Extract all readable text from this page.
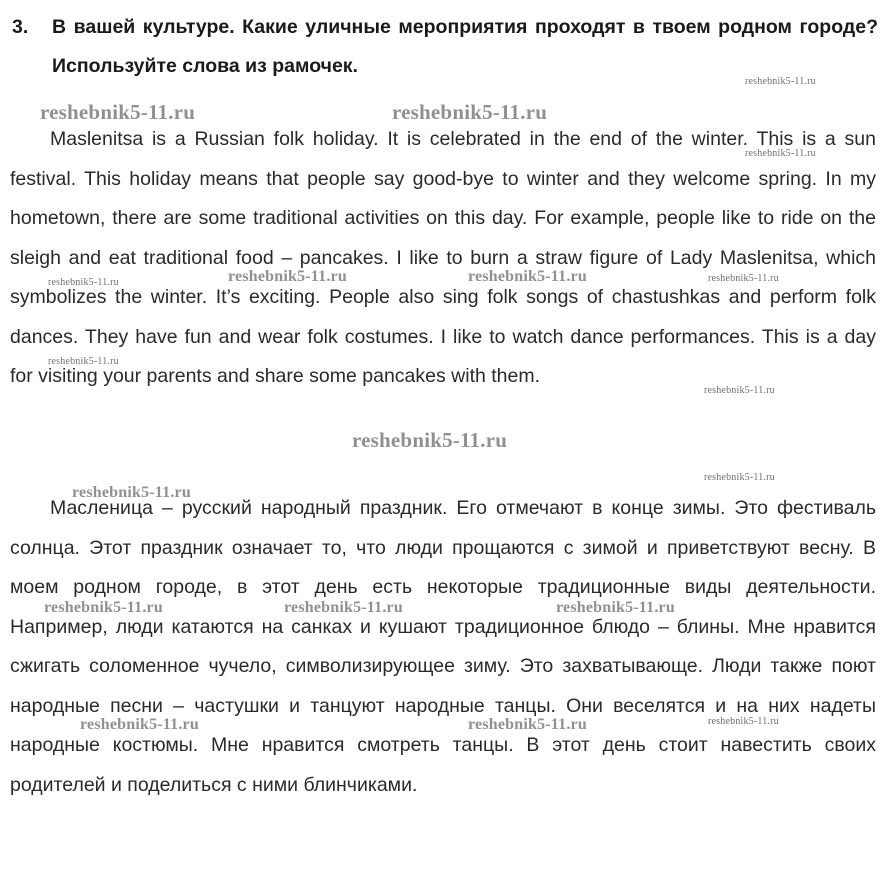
3. В вашей культуре. Какие уличные мероприятия проходят в твоем родном городе? Используйте слова из рамочек.
Maslenitsa is a Russian folk holiday. It is celebrated in the end of the winter. This is a sun festival. This holiday means that people say good-bye to winter and they welcome spring. In my hometown, there are some traditional activities on this day. For example, people like to ride on the sleigh and eat traditional food – pancakes. I like to burn a straw figure of Lady Maslenitsa, which symbolizes the winter. It’s exciting. People also sing folk songs of chastushkas and perform folk dances. They have fun and wear folk costumes. I like to watch dance performances. This is a day for visiting your parents and share some pancakes with them.
Масленица – русский народный праздник. Его отмечают в конце зимы. Это фестиваль солнца. Этот праздник означает то, что люди прощаются с зимой и приветствуют весну. В моем родном городе, в этот день есть некоторые традиционные виды деятельности. Например, люди катаются на санках и кушают традиционное блюдо – блины. Мне нравится сжигать соломенное чучело, символизирующее зиму. Это захватывающе. Люди также поют народные песни – частушки и танцуют народные танцы. Они веселятся и на них надеты народные костюмы. Мне нравится смотреть танцы. В этот день стоит навестить своих родителей и поделиться с ними блинчиками.
reshebnik5-11.ru
reshebnik5-11.ru	reshebnik5-11.ru
reshebnik5-11.ru
reshebnik5-11.ru	reshebnik5-11.ru	reshebnik5-11.ru	reshebnik5-11.ru
reshebnik5-11.ru
reshebnik5-11.ru
reshebnik5-11.ru
reshebnik5-11.ru
reshebnik5-11.ru
reshebnik5-11.ru	reshebnik5-11.ru	reshebnik5-11.ru
reshebnik5-11.ru	reshebnik5-11.ru	reshebnik5-11.ru
